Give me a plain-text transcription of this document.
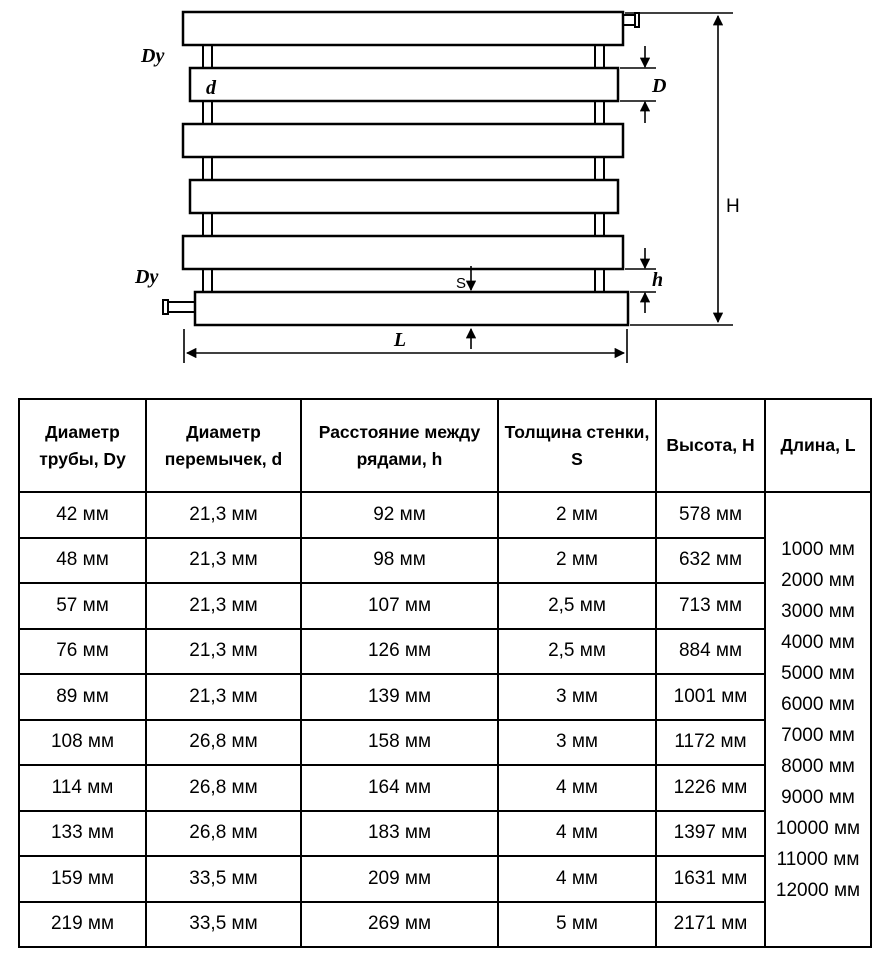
H
D
h
S
L
Dy
Dy
d
Диаметр трубы, Dy	Диаметр перемычек, d	Расстояние между рядами, h	Толщина стенки, S	Высота, H	Длина, L
42 мм	21,3 мм	92 мм	2 мм	578 мм	
1000 мм
2000 мм
3000 мм
4000 мм
5000 мм
6000 мм
7000 мм
8000 мм
9000 мм
10000 мм
11000 мм
12000 мм

48 мм	21,3 мм	98 мм	2 мм	632 мм	
57 мм	21,3 мм	107 мм	2,5 мм	713 мм	
76 мм	21,3 мм	126 мм	2,5 мм	884 мм	
89 мм	21,3 мм	139 мм	3 мм	1001 мм	
108 мм	26,8 мм	158 мм	3 мм	1172 мм	
114 мм	26,8 мм	164 мм	4 мм	1226 мм	
133 мм	26,8 мм	183 мм	4 мм	1397 мм	
159 мм	33,5 мм	209 мм	4 мм	1631 мм	
219 мм	33,5 мм	269 мм	5 мм	2171 мм	
